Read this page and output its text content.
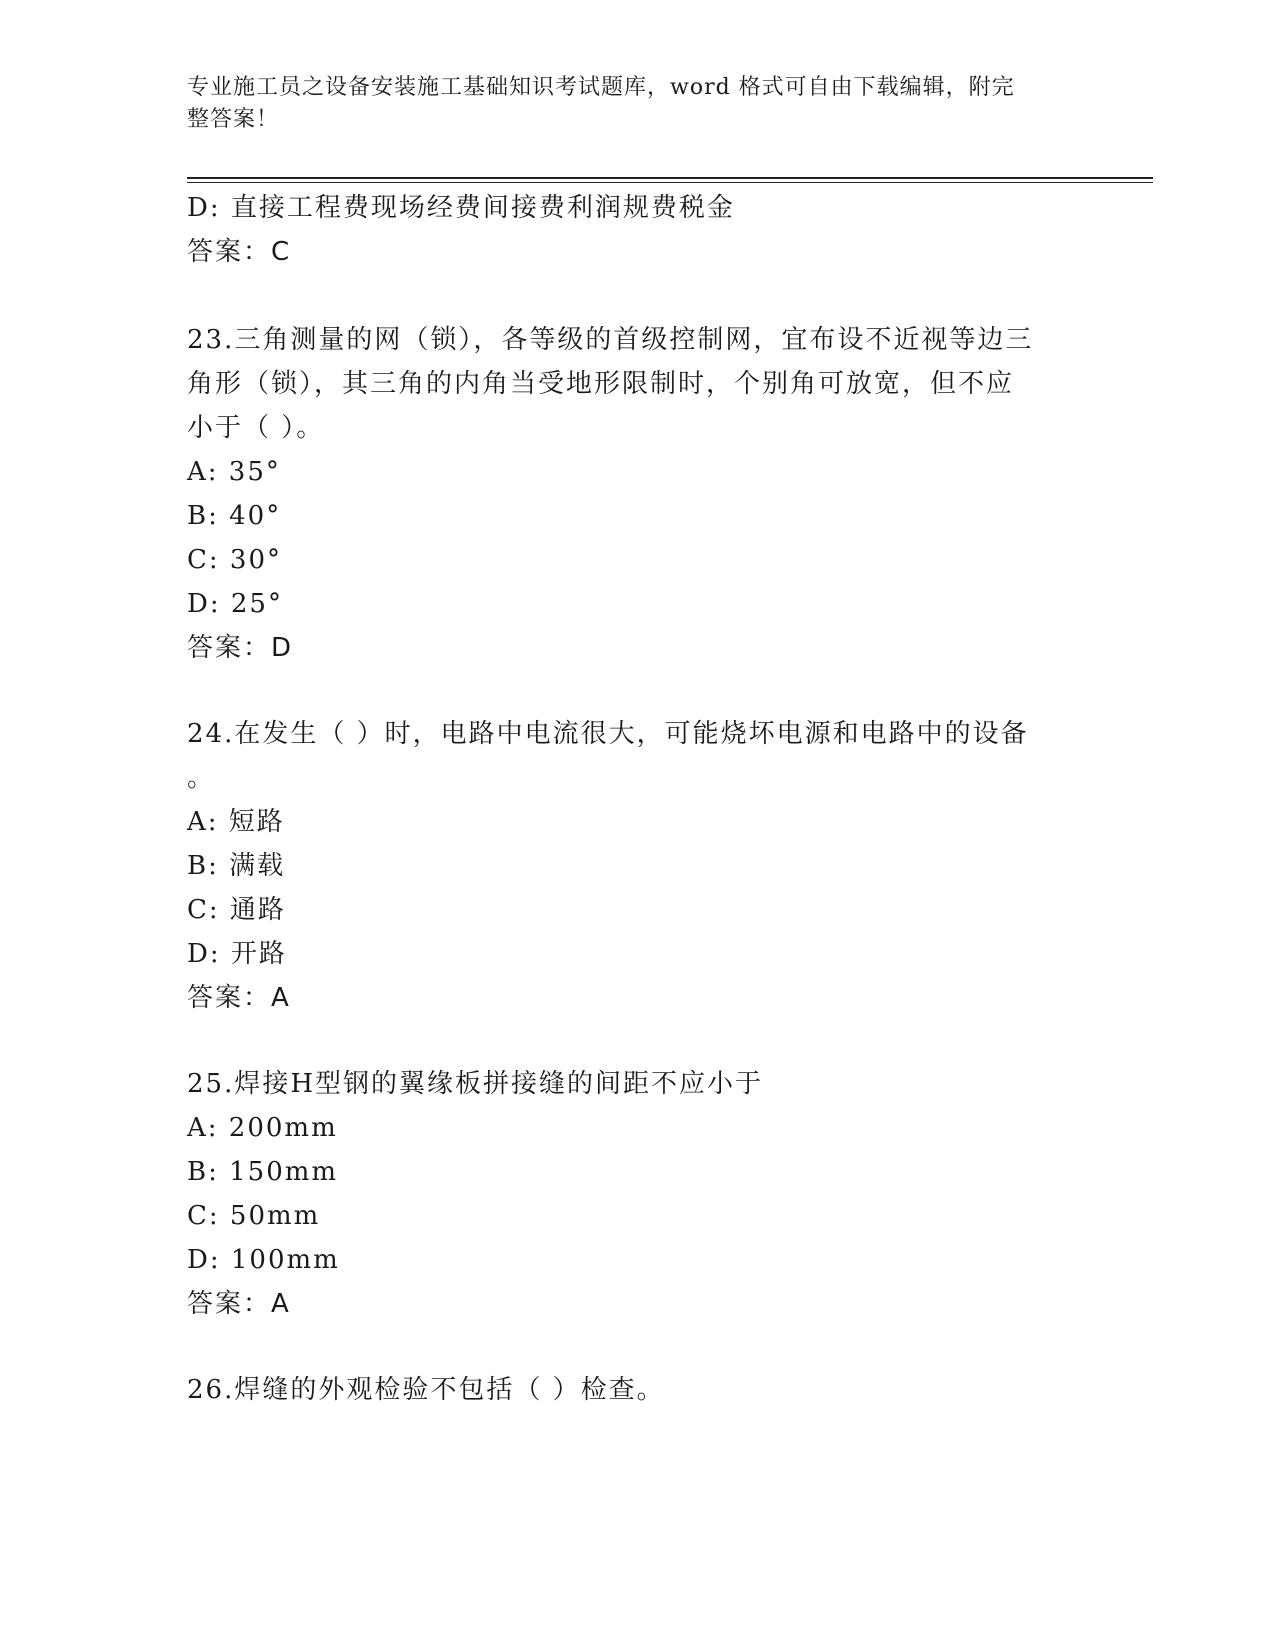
专业施工员之设备安装施工基础知识考试题库，word 格式可自由下载编辑，附完
整答案！
D: 直接工程费现场经费间接费利润规费税金
答案：C
23.三角测量的网（锁），各等级的首级控制网，宜布设不近视等边三
角形（锁），其三角的内角当受地形限制时，个别角可放宽，但不应
小于（ ）。
A: 35°
B: 40°
C: 30°
D: 25°
答案：D
24.在发生（ ）时，电路中电流很大，可能烧坏电源和电路中的设备
。
A: 短路
B: 满载
C: 通路
D: 开路
答案：A
25.焊接H型钢的翼缘板拼接缝的间距不应小于
A: 200mm
B: 150mm
C: 50mm
D: 100mm
答案：A
26.焊缝的外观检验不包括（ ）检查。
